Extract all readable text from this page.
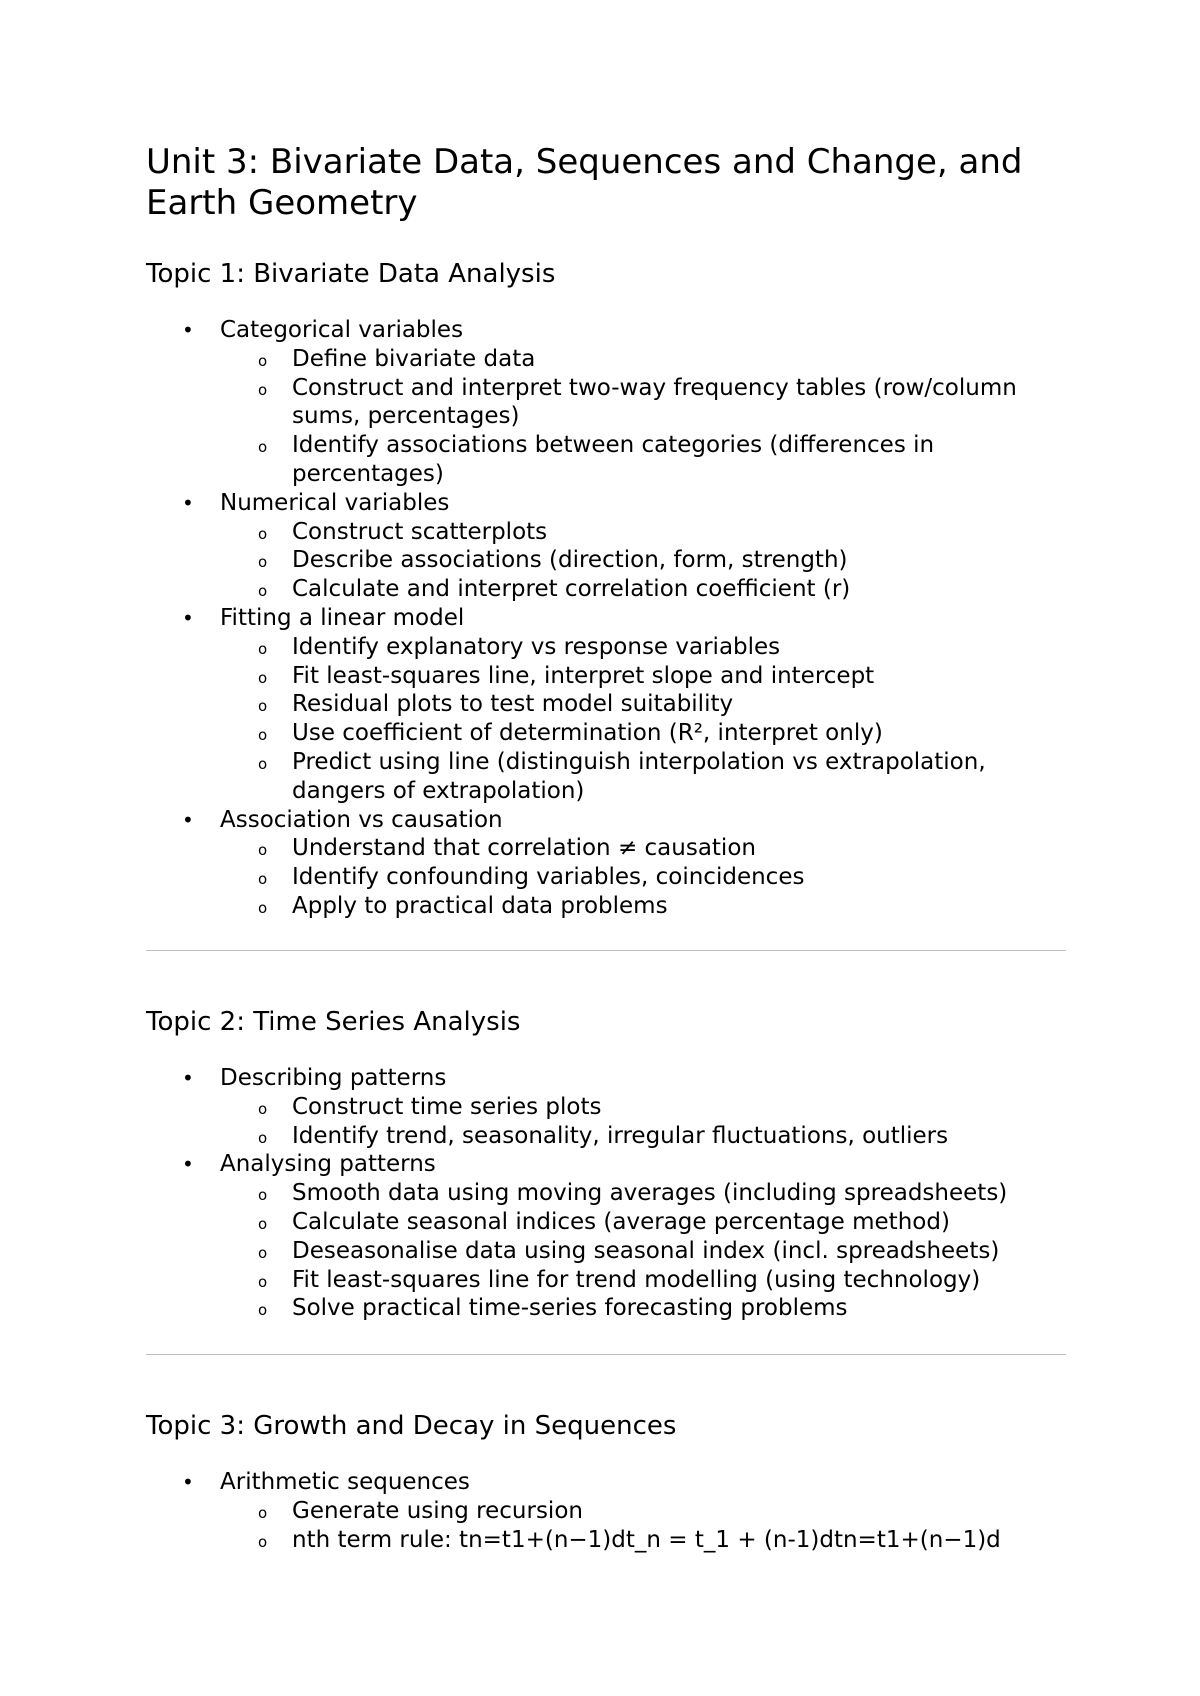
Unit 3: Bivariate Data, Sequences and Change, and Earth Geometry
Topic 1: Bivariate Data Analysis
• Categorical variables
o Define bivariate data
o Construct and interpret two-way frequency tables (row/column sums, percentages)
o Identify associations between categories (differences in percentages)
• Numerical variables
o Construct scatterplots
o Describe associations (direction, form, strength)
o Calculate and interpret correlation coefficient (r)
• Fitting a linear model
o Identify explanatory vs response variables
o Fit least-squares line, interpret slope and intercept
o Residual plots to test model suitability
o Use coefficient of determination (R², interpret only)
o Predict using line (distinguish interpolation vs extrapolation, dangers of extrapolation)
• Association vs causation
o Understand that correlation ≠ causation
o Identify confounding variables, coincidences
o Apply to practical data problems
Topic 2: Time Series Analysis
• Describing patterns
o Construct time series plots
o Identify trend, seasonality, irregular fluctuations, outliers
• Analysing patterns
o Smooth data using moving averages (including spreadsheets)
o Calculate seasonal indices (average percentage method)
o Deseasonalise data using seasonal index (incl. spreadsheets)
o Fit least-squares line for trend modelling (using technology)
o Solve practical time-series forecasting problems
Topic 3: Growth and Decay in Sequences
• Arithmetic sequences
o Generate using recursion
o nth term rule: tn=t1+(n−1)dt_n = t_1 + (n-1)dtn=t1+(n−1)d
